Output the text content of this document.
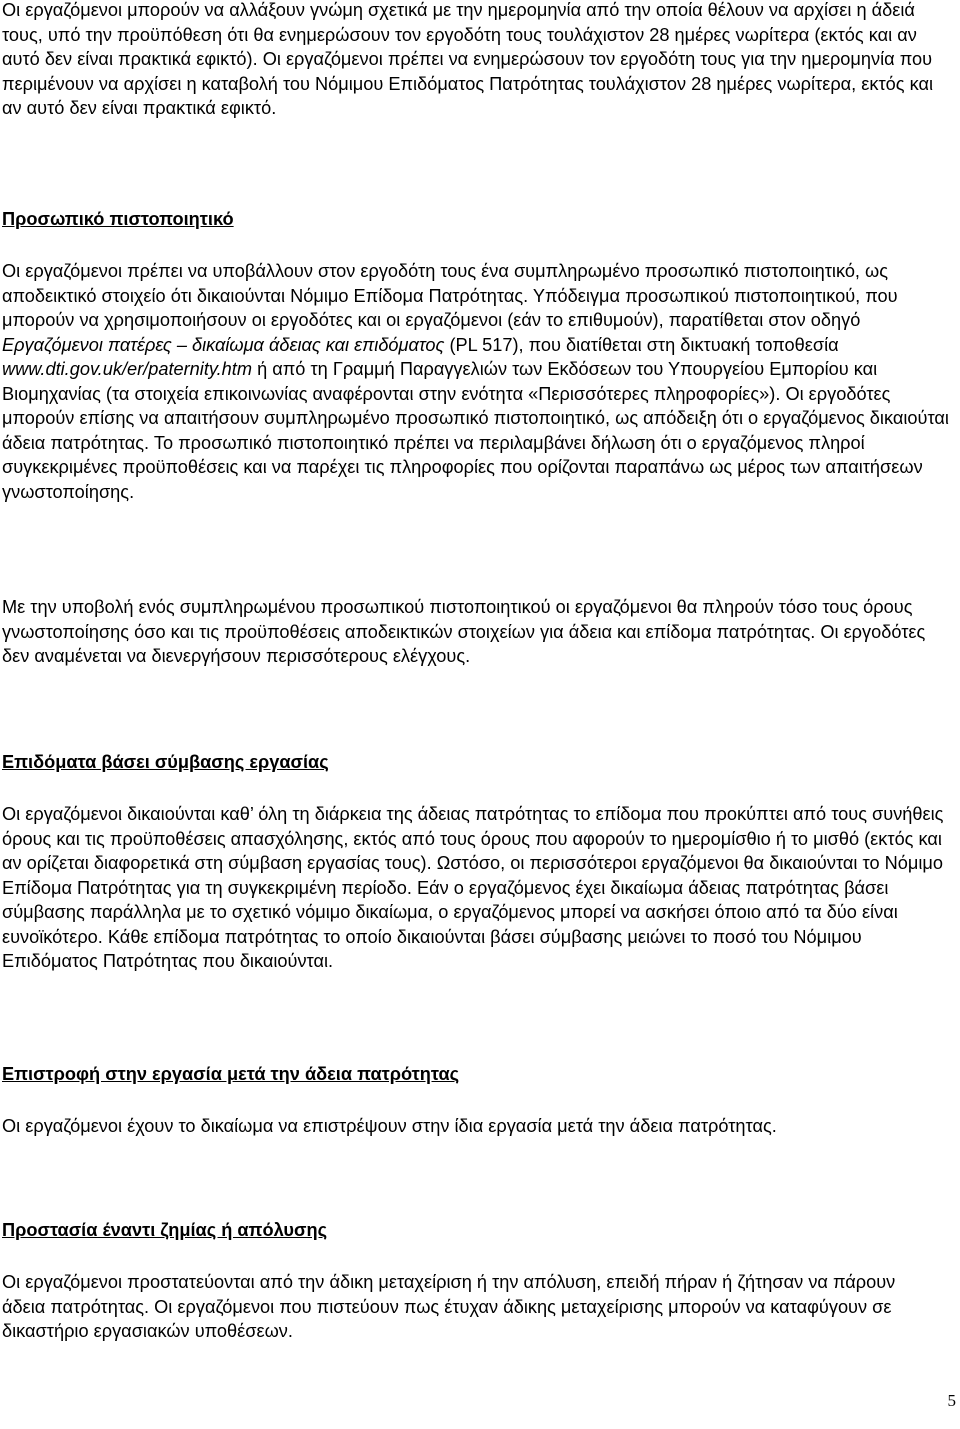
Οι εργαζόμενοι μπορούν να αλλάξουν γνώμη σχετικά με την ημερομηνία από την οποία θέλουν να αρχίσει η άδειά τους, υπό την προϋπόθεση ότι θα ενημερώσουν τον εργοδότη τους τουλάχιστον 28 ημέρες νωρίτερα (εκτός και αν αυτό δεν είναι πρακτικά εφικτό). Οι εργαζόμενοι πρέπει να ενημερώσουν τον εργοδότη τους για την ημερομηνία που περιμένουν να αρχίσει η καταβολή του Νόμιμου Επιδόματος Πατρότητας τουλάχιστον 28 ημέρες νωρίτερα, εκτός και αν αυτό δεν είναι πρακτικά εφικτό.

Προσωπικό πιστοποιητικό

Οι εργαζόμενοι πρέπει να υποβάλλουν στον εργοδότη τους ένα συμπληρωμένο προσωπικό πιστοποιητικό, ως αποδεικτικό στοιχείο ότι δικαιούνται Νόμιμο Επίδομα Πατρότητας. Υπόδειγμα προσωπικού πιστοποιητικού, που μπορούν να χρησιμοποιήσουν οι εργοδότες και οι εργαζόμενοι (εάν το επιθυμούν), παρατίθεται στον οδηγό Εργαζόμενοι πατέρες – δικαίωμα άδειας και επιδόματος (PL 517), που διατίθεται στη δικτυακή τοποθεσία www.dti.gov.uk/er/paternity.htm ή από τη Γραμμή Παραγγελιών των Εκδόσεων του Υπουργείου Εμπορίου και Βιομηχανίας (τα στοιχεία επικοινωνίας αναφέρονται στην ενότητα «Περισσότερες πληροφορίες»). Οι εργοδότες μπορούν επίσης να απαιτήσουν συμπληρωμένο προσωπικό πιστοποιητικό, ως απόδειξη ότι ο εργαζόμενος δικαιούται άδεια πατρότητας. Το προσωπικό πιστοποιητικό πρέπει να περιλαμβάνει δήλωση ότι ο εργαζόμενος πληροί συγκεκριμένες προϋποθέσεις και να παρέχει τις πληροφορίες που ορίζονται παραπάνω ως μέρος των απαιτήσεων γνωστοποίησης.

Με την υποβολή ενός συμπληρωμένου προσωπικού πιστοποιητικού οι εργαζόμενοι θα πληρούν τόσο τους όρους γνωστοποίησης όσο και τις προϋποθέσεις αποδεικτικών στοιχείων για άδεια και επίδομα πατρότητας. Οι εργοδότες δεν αναμένεται να διενεργήσουν περισσότερους ελέγχους.

Επιδόματα βάσει σύμβασης εργασίας

Οι εργαζόμενοι δικαιούνται καθ’ όλη τη διάρκεια της άδειας πατρότητας το επίδομα που προκύπτει από τους συνήθεις όρους και τις προϋποθέσεις απασχόλησης, εκτός από τους όρους που αφορούν το ημερομίσθιο ή το μισθό (εκτός και αν ορίζεται διαφορετικά στη σύμβαση εργασίας τους). Ωστόσο, οι περισσότεροι εργαζόμενοι θα δικαιούνται το Νόμιμο Επίδομα Πατρότητας για τη συγκεκριμένη περίοδο. Εάν ο εργαζόμενος έχει δικαίωμα άδειας πατρότητας βάσει σύμβασης παράλληλα με το σχετικό νόμιμο δικαίωμα, ο εργαζόμενος μπορεί να ασκήσει όποιο από τα δύο είναι ευνοϊκότερο. Κάθε επίδομα πατρότητας το οποίο δικαιούνται βάσει σύμβασης μειώνει το ποσό του Νόμιμου Επιδόματος Πατρότητας που δικαιούνται.

Επιστροφή στην εργασία μετά την άδεια πατρότητας

Οι εργαζόμενοι έχουν το δικαίωμα να επιστρέψουν στην ίδια εργασία μετά την άδεια πατρότητας.

Προστασία έναντι ζημίας ή απόλυσης

Οι εργαζόμενοι προστατεύονται από την άδικη μεταχείριση ή την απόλυση, επειδή πήραν ή ζήτησαν να πάρουν άδεια πατρότητας. Οι εργαζόμενοι που πιστεύουν πως έτυχαν άδικης μεταχείρισης μπορούν να καταφύγουν σε δικαστήριο εργασιακών υποθέσεων.

5
